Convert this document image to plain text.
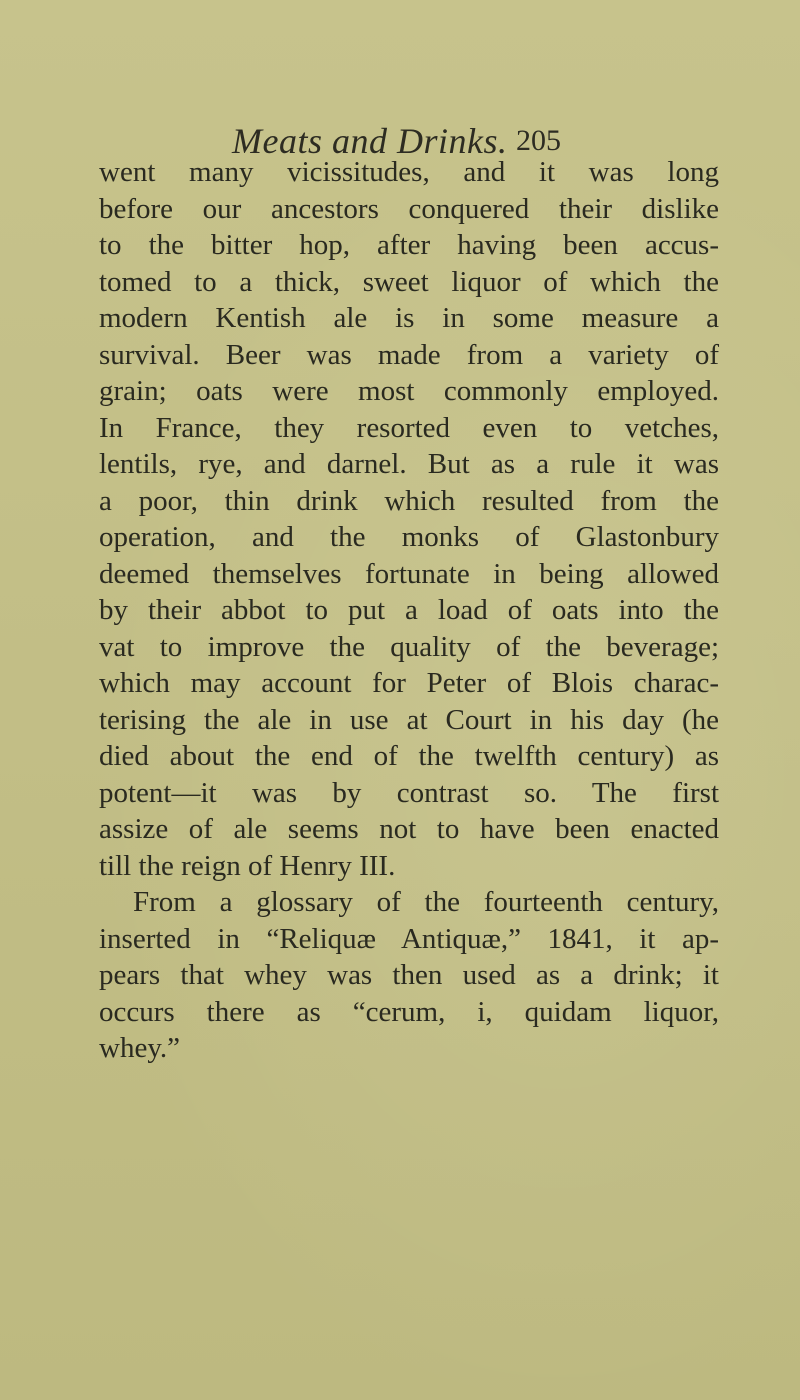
Meats and Drinks. 205
went many vicissitudes, and it was long
before our ancestors conquered their dislike
to the bitter hop, after having been accus-
tomed to a thick, sweet liquor of which the
modern Kentish ale is in some measure a
survival. Beer was made from a variety of
grain; oats were most commonly employed.
In France, they resorted even to vetches,
lentils, rye, and darnel. But as a rule it was
a poor, thin drink which resulted from the
operation, and the monks of Glastonbury
deemed themselves fortunate in being allowed
by their abbot to put a load of oats into the
vat to improve the quality of the beverage;
which may account for Peter of Blois charac-
terising the ale in use at Court in his day (he
died about the end of the twelfth century) as
potent—it was by contrast so. The first
assize of ale seems not to have been enacted
till the reign of Henry III.
From a glossary of the fourteenth century,
inserted in “Reliquæ Antiquæ,” 1841, it ap-
pears that whey was then used as a drink; it
occurs there as “cerum, i, quidam liquor,
whey.”
